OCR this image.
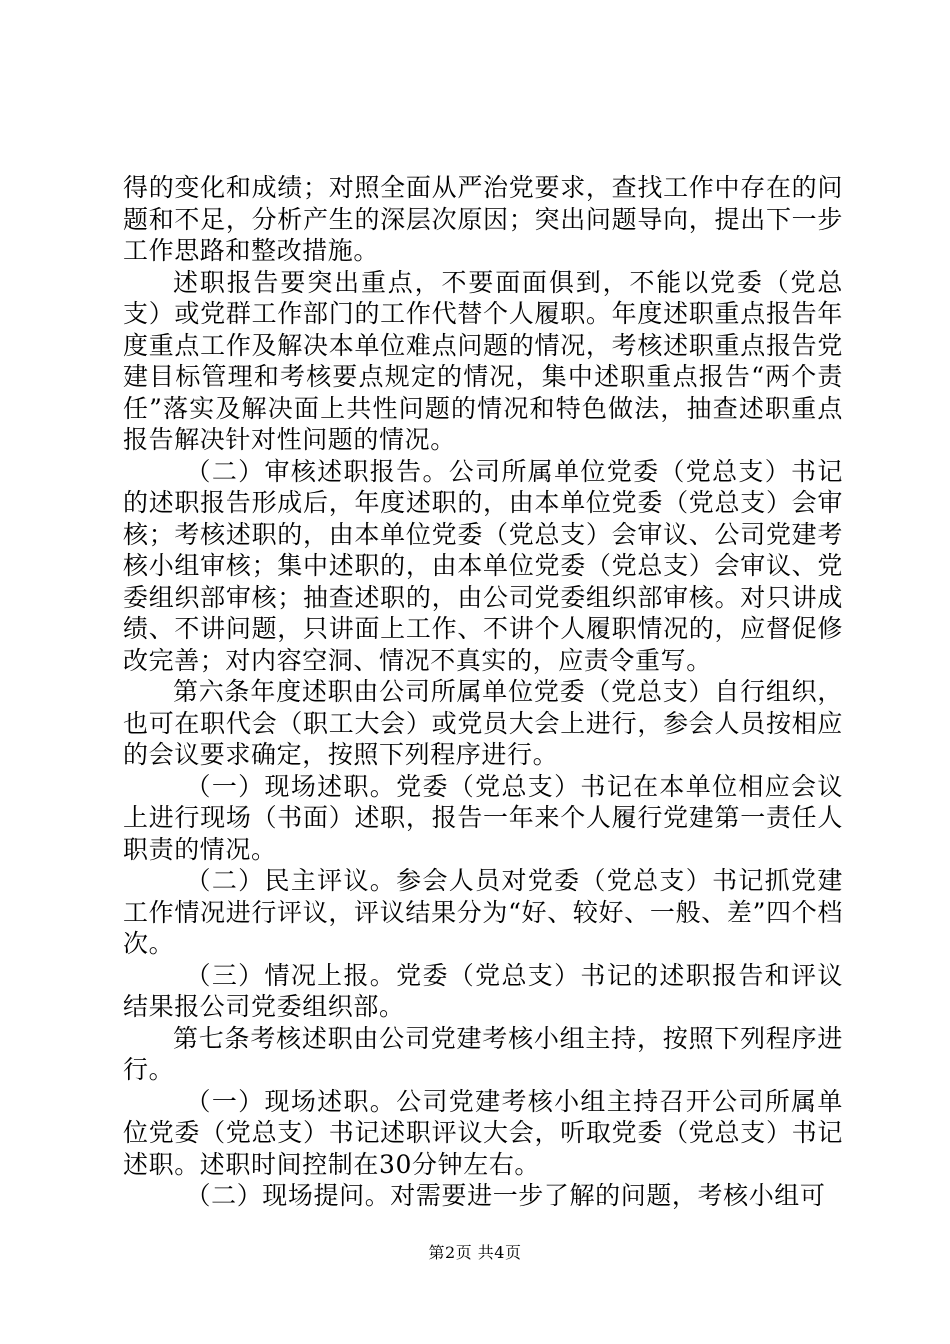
得的变化和成绩；对照全面从严治党要求，查找工作中存在的问题和不足，分析产生的深层次原因；突出问题导向，提出下一步工作思路和整改措施。

述职报告要突出重点，不要面面俱到，不能以党委（党总支）或党群工作部门的工作代替个人履职。年度述职重点报告年度重点工作及解决本单位难点问题的情况，考核述职重点报告党建目标管理和考核要点规定的情况，集中述职重点报告“两个责任”落实及解决面上共性问题的情况和特色做法，抽查述职重点报告解决针对性问题的情况。

（二）审核述职报告。公司所属单位党委（党总支）书记的述职报告形成后，年度述职的，由本单位党委（党总支）会审核；考核述职的，由本单位党委（党总支）会审议、公司党建考核小组审核；集中述职的，由本单位党委（党总支）会审议、党委组织部审核；抽查述职的，由公司党委组织部审核。对只讲成绩、不讲问题，只讲面上工作、不讲个人履职情况的，应督促修改完善；对内容空洞、情况不真实的，应责令重写。

第六条年度述职由公司所属单位党委（党总支）自行组织，也可在职代会（职工大会）或党员大会上进行，参会人员按相应的会议要求确定，按照下列程序进行。

（一）现场述职。党委（党总支）书记在本单位相应会议上进行现场（书面）述职，报告一年来个人履行党建第一责任人职责的情况。

（二）民主评议。参会人员对党委（党总支）书记抓党建工作情况进行评议，评议结果分为“好、较好、一般、差”四个档次。

（三）情况上报。党委（党总支）书记的述职报告和评议结果报公司党委组织部。

第七条考核述职由公司党建考核小组主持，按照下列程序进行。

（一）现场述职。公司党建考核小组主持召开公司所属单位党委（党总支）书记述职评议大会，听取党委（党总支）书记述职。述职时间控制在30分钟左右。

（二）现场提问。对需要进一步了解的问题，考核小组可

第2页 共4页
